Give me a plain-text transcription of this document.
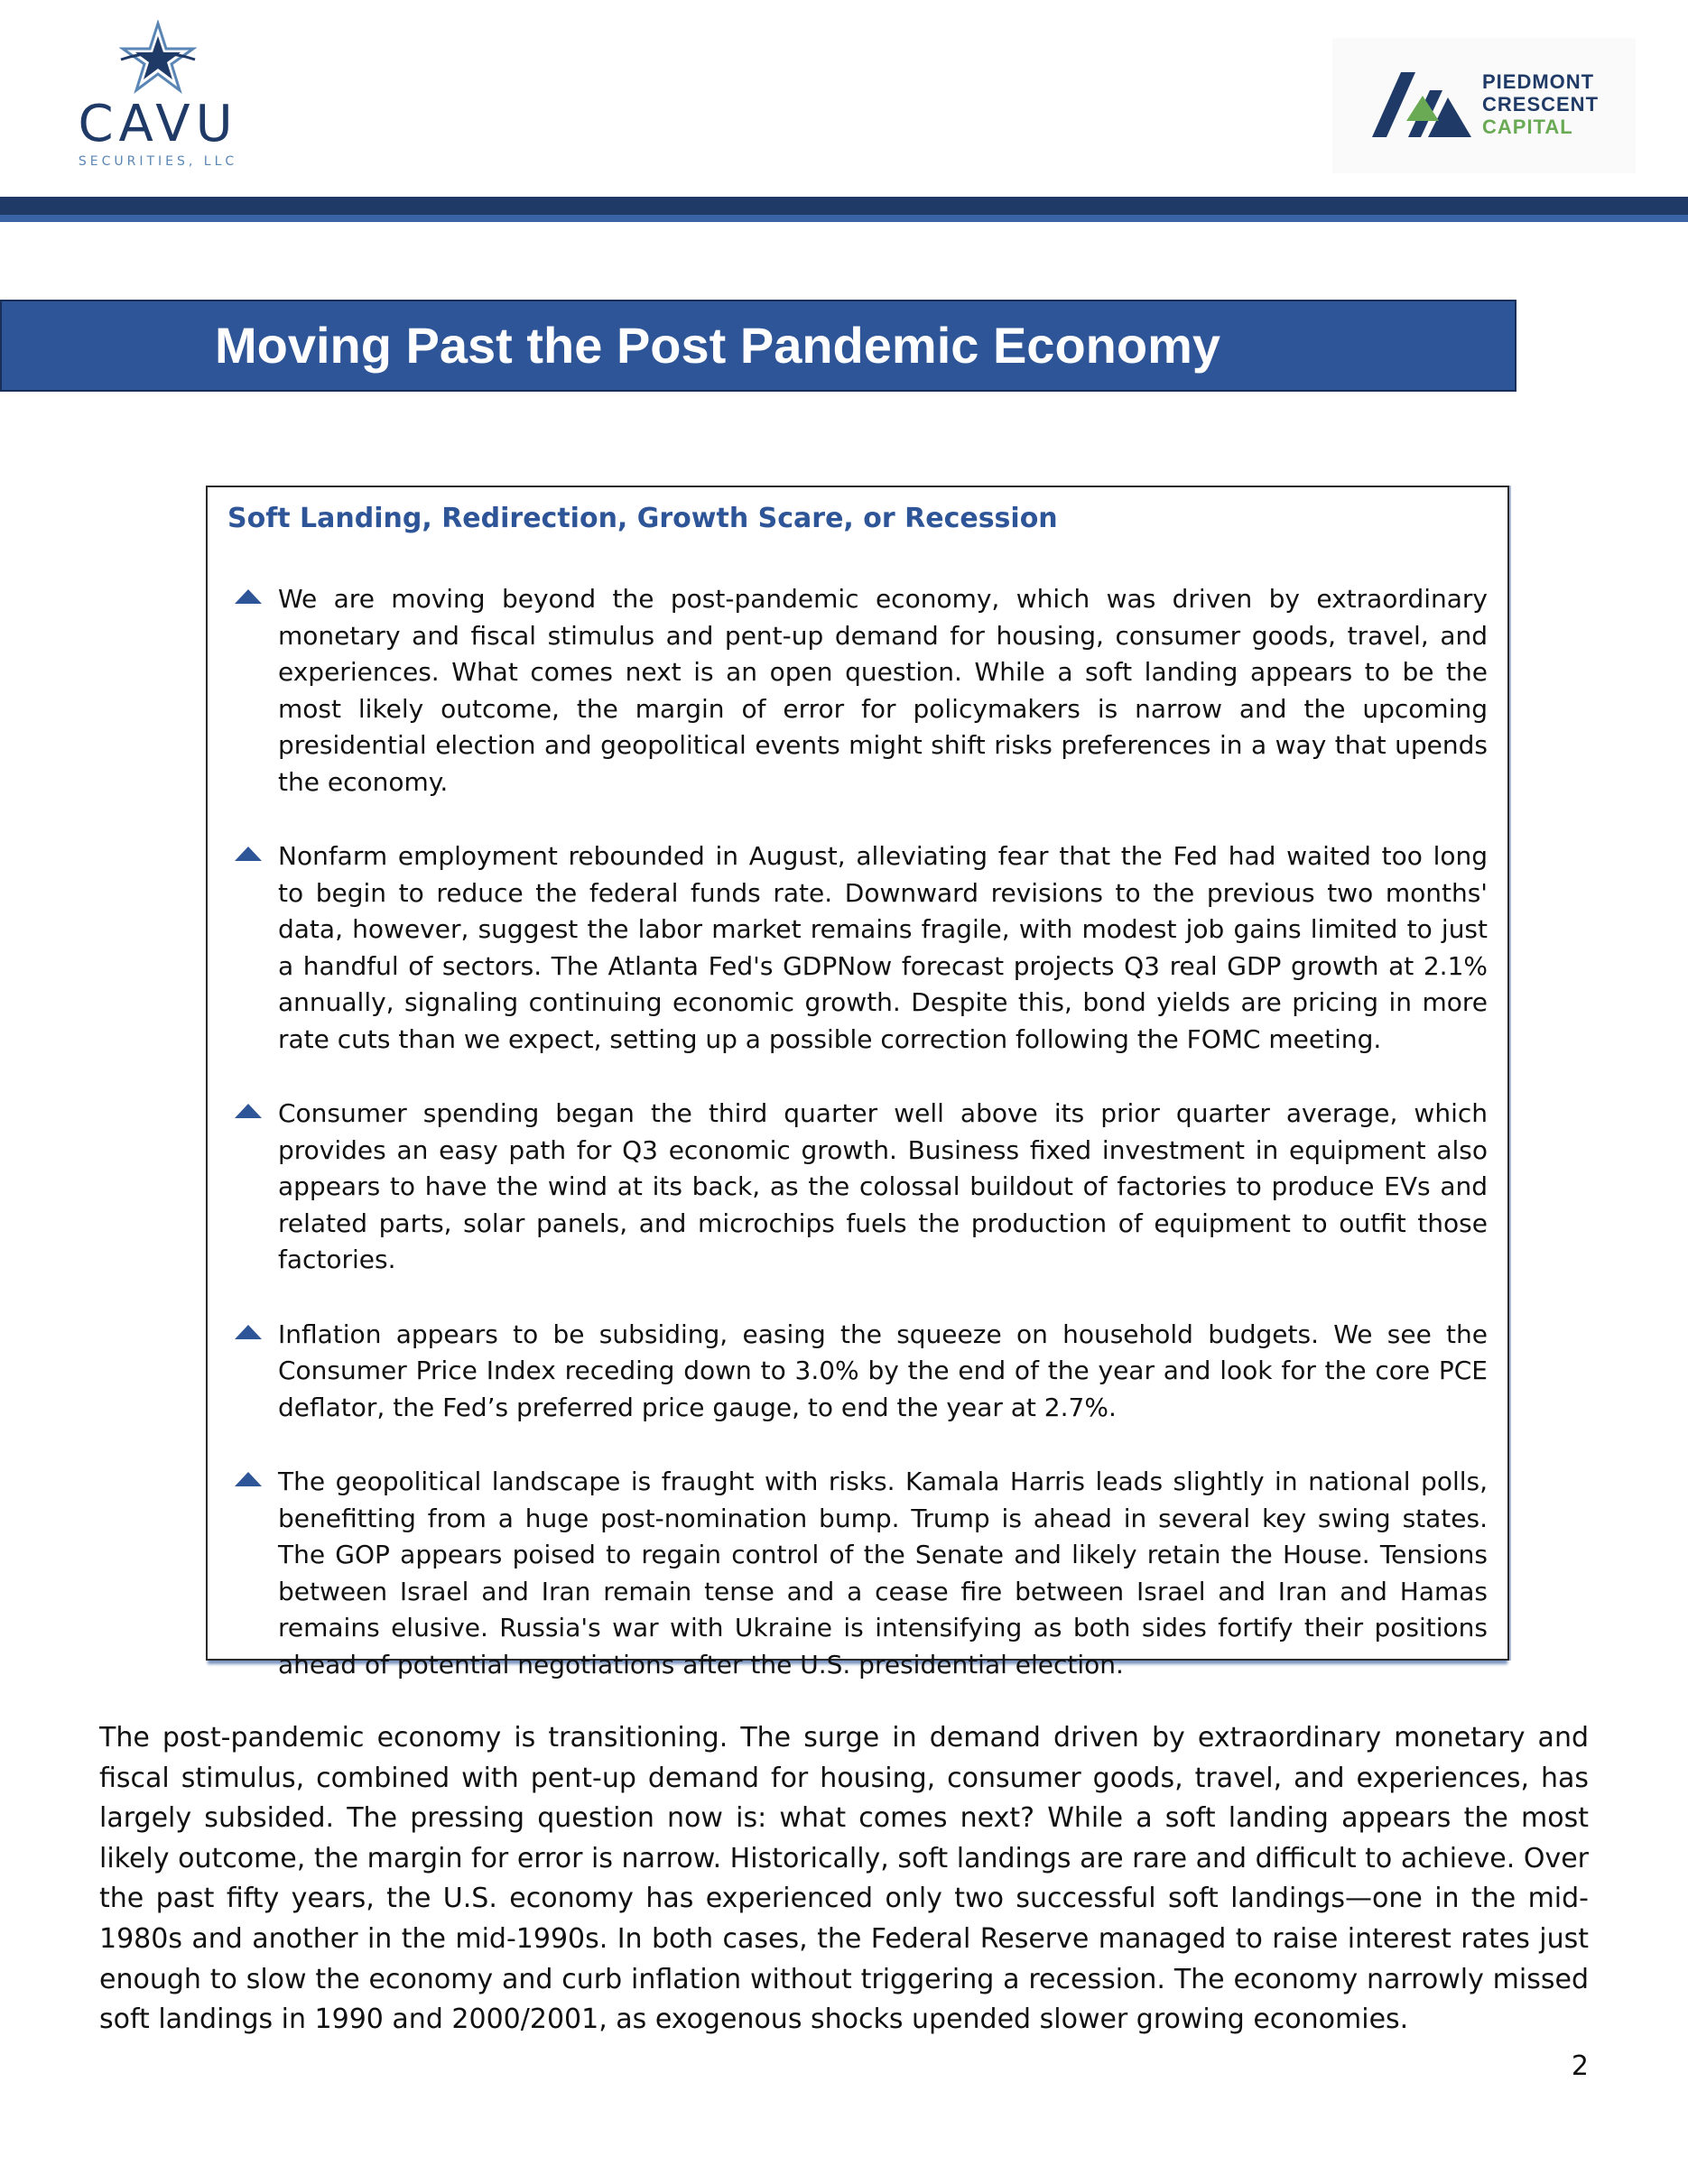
CAVU
SECURITIES, LLC
PIEDMONT
CRESCENT
CAPITAL
Moving Past the Post Pandemic Economy
Soft Landing, Redirection, Growth Scare, or Recession

We are moving beyond the post-pandemic economy, which was driven by extraordinary monetary and fiscal stimulus and pent-up demand for housing, consumer goods, travel, and experiences. What comes next is an open question. While a soft landing appears to be the most likely outcome, the margin of error for policymakers is narrow and the upcoming presidential election and geopolitical events might shift risks preferences in a way that upends the economy.

Nonfarm employment rebounded in August, alleviating fear that the Fed had waited too long to begin to reduce the federal funds rate. Downward revisions to the previous two months' data, however, suggest the labor market remains fragile, with modest job gains limited to just a handful of sectors. The Atlanta Fed's GDPNow forecast projects Q3 real GDP growth at 2.1% annually, signaling continuing economic growth. Despite this, bond yields are pricing in more rate cuts than we expect, setting up a possible correction following the FOMC meeting.

Consumer spending began the third quarter well above its prior quarter average, which provides an easy path for Q3 economic growth. Business fixed investment in equipment also appears to have the wind at its back, as the colossal buildout of factories to produce EVs and related parts, solar panels, and microchips fuels the production of equipment to outfit those factories.

Inflation appears to be subsiding, easing the squeeze on household budgets. We see the Consumer Price Index receding down to 3.0% by the end of the year and look for the core PCE deflator, the Fed’s preferred price gauge, to end the year at 2.7%.

The geopolitical landscape is fraught with risks. Kamala Harris leads slightly in national polls, benefitting from a huge post-nomination bump. Trump is ahead in several key swing states. The GOP appears poised to regain control of the Senate and likely retain the House. Tensions between Israel and Iran remain tense and a cease fire between Israel and Iran and Hamas remains elusive. Russia's war with Ukraine is intensifying as both sides fortify their positions ahead of potential negotiations after the U.S. presidential election.

The post-pandemic economy is transitioning. The surge in demand driven by extraordinary monetary and fiscal stimulus, combined with pent-up demand for housing, consumer goods, travel, and experiences, has largely subsided. The pressing question now is: what comes next? While a soft landing appears the most likely outcome, the margin for error is narrow. Historically, soft landings are rare and difficult to achieve. Over the past fifty years, the U.S. economy has experienced only two successful soft landings—one in the mid-1980s and another in the mid-1990s. In both cases, the Federal Reserve managed to raise interest rates just enough to slow the economy and curb inflation without triggering a recession. The economy narrowly missed soft landings in 1990 and 2000/2001, as exogenous shocks upended slower growing economies.

2
